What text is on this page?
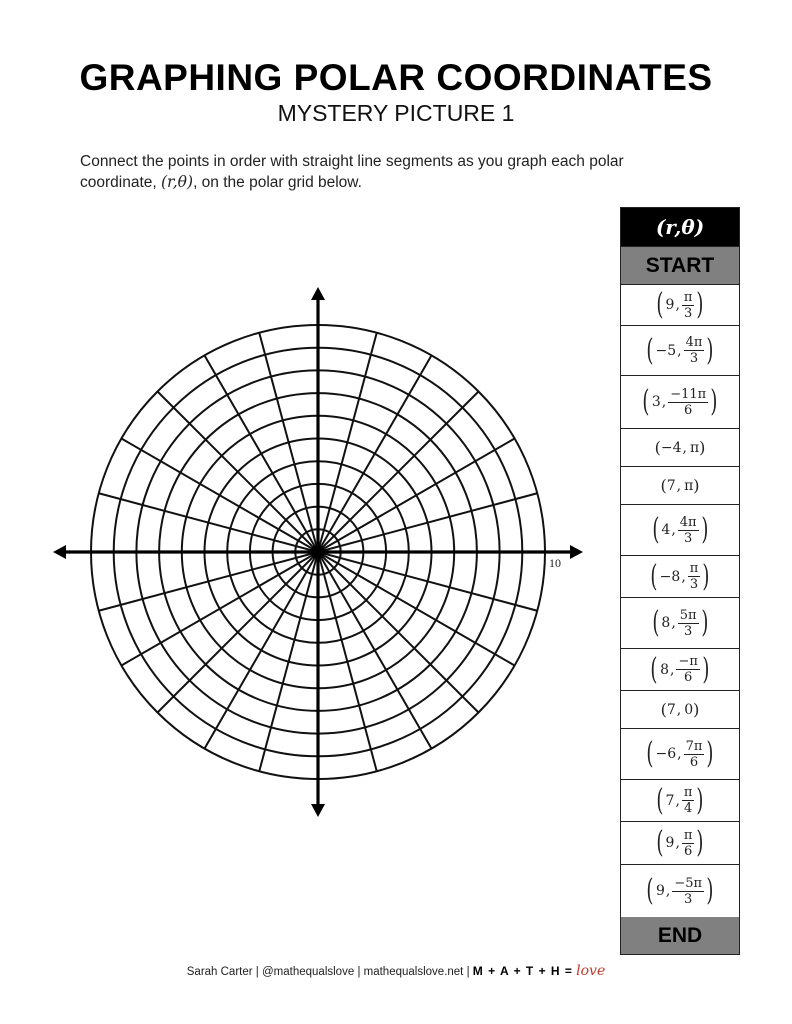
GRAPHING POLAR COORDINATES
MYSTERY PICTURE 1
Connect the points in order with straight line segments as you graph each polar coordinate, (r,θ), on the polar grid below.
10
(r,θ)
START
( 9 , $\frac{\pi}{3}$ )
( −5 , $\frac{4\pi}{3}$ )
( 3 , $\frac{-11\pi}{6}$ )
( −4 , π )
( 7 , π )
( 4 , $\frac{4\pi}{3}$ )
( −8 , $\frac{\pi}{3}$ )
( 8 , $\frac{5\pi}{3}$ )
( 8 , $\frac{-\pi}{6}$ )
( 7 , 0 )
( −6 , $\frac{7\pi}{6}$ )
( 7 , $\frac{\pi}{4}$ )
( 9 , $\frac{\pi}{6}$ )
( 9 , $\frac{-5\pi}{3}$ )
END
Sarah Carter | @mathequalslove | mathequalslove.net | M + A + T + H = love
